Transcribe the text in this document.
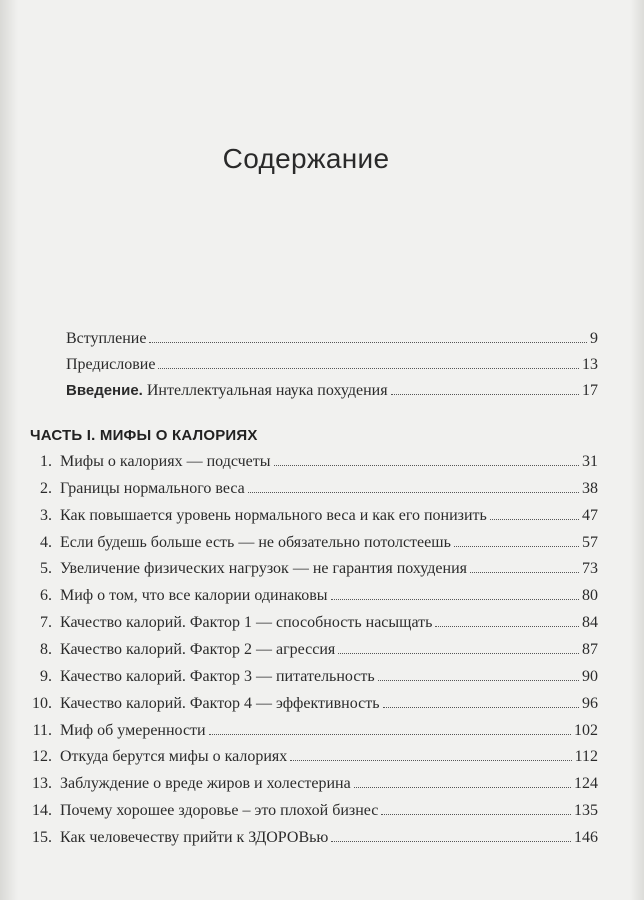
Содержание
Вступление	9
Предисловие	13
Введение. Интеллектуальная наука похудения	17
ЧАСТЬ I. МИФЫ О КАЛОРИЯХ
1. Мифы о калориях — подсчеты	31
2. Границы нормального веса	38
3. Как повышается уровень нормального веса и как его понизить	47
4. Если будешь больше есть — не обязательно потолстеешь	57
5. Увеличение физических нагрузок — не гарантия похудения	73
6. Миф о том, что все калории одинаковы	80
7. Качество калорий. Фактор 1 — способность насыщать	84
8. Качество калорий. Фактор 2 — агрессия	87
9. Качество калорий. Фактор 3 — питательность	90
10. Качество калорий. Фактор 4 — эффективность	96
11. Миф об умеренности	102
12. Откуда берутся мифы о калориях	112
13. Заблуждение о вреде жиров и холестерина	124
14. Почему хорошее здоровье – это плохой бизнес	135
15. Как человечеству прийти к ЗДОРОВью	146
